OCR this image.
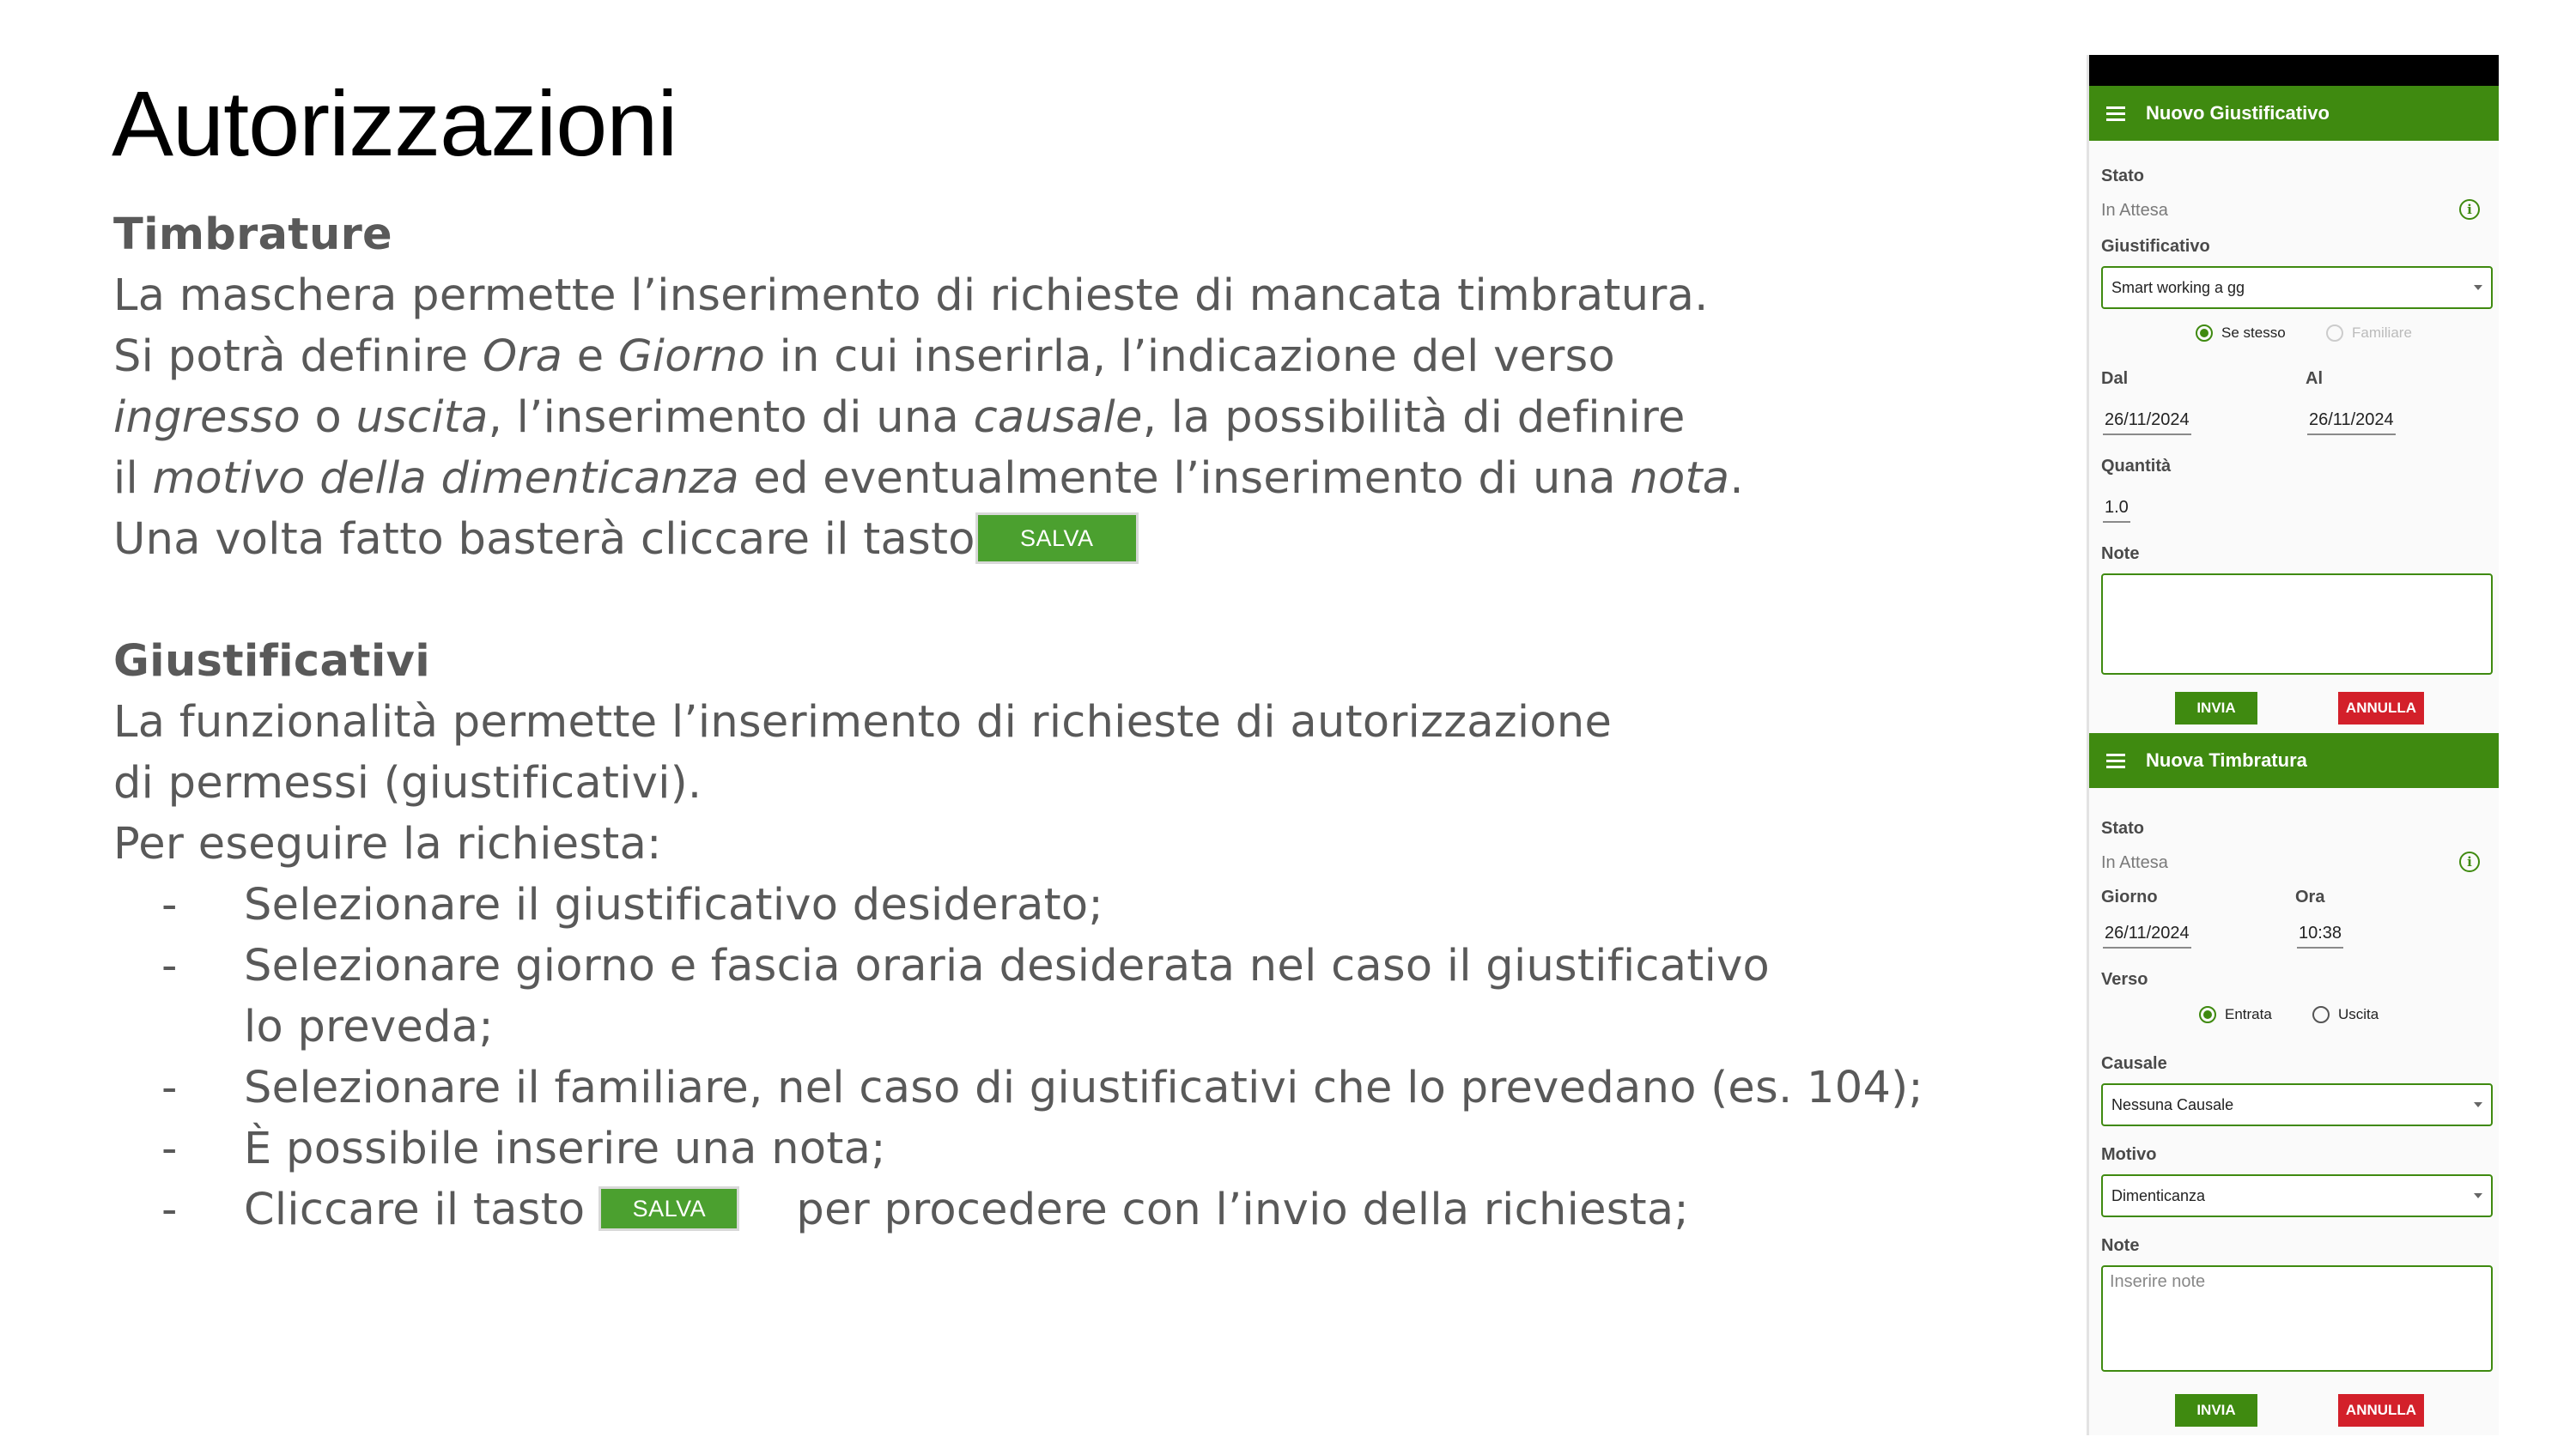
Autorizzazioni
Timbrature
La maschera permette l’inserimento di richieste di mancata timbratura.
Si potrà definire Ora e Giorno in cui inserirla, l’indicazione del verso
ingresso o uscita, l’inserimento di una causale, la possibilità di definire
il motivo della dimenticanza ed eventualmente l’inserimento di una nota.
Una volta fatto basterà cliccare il tasto SALVA
Giustificativi
La funzionalità permette l’inserimento di richieste di autorizzazione
di permessi (giustificativi).
Per eseguire la richiesta:
- Selezionare il giustificativo desiderato;
- Selezionare giorno e fascia oraria desiderata nel caso il giustificativo
lo preveda;
- Selezionare il familiare, nel caso di giustificativi che lo prevedano (es. 104);
- È possibile inserire una nota;
- Cliccare il tasto SALVA per procedere con l’invio della richiesta;
Nuovo Giustificativo
Stato
In Attesa	i
Giustificativo
Smart working a gg
Se stesso	Familiare
Dal	Al
26/11/2024	26/11/2024
Quantità
1.0
Note
INVIA	ANNULLA
Nuova Timbratura
Stato
In Attesa	i
Giorno	Ora
26/11/2024	10:38
Verso
Entrata	Uscita
Causale
Nessuna Causale
Motivo
Dimenticanza
Note
Inserire note
INVIA	ANNULLA
